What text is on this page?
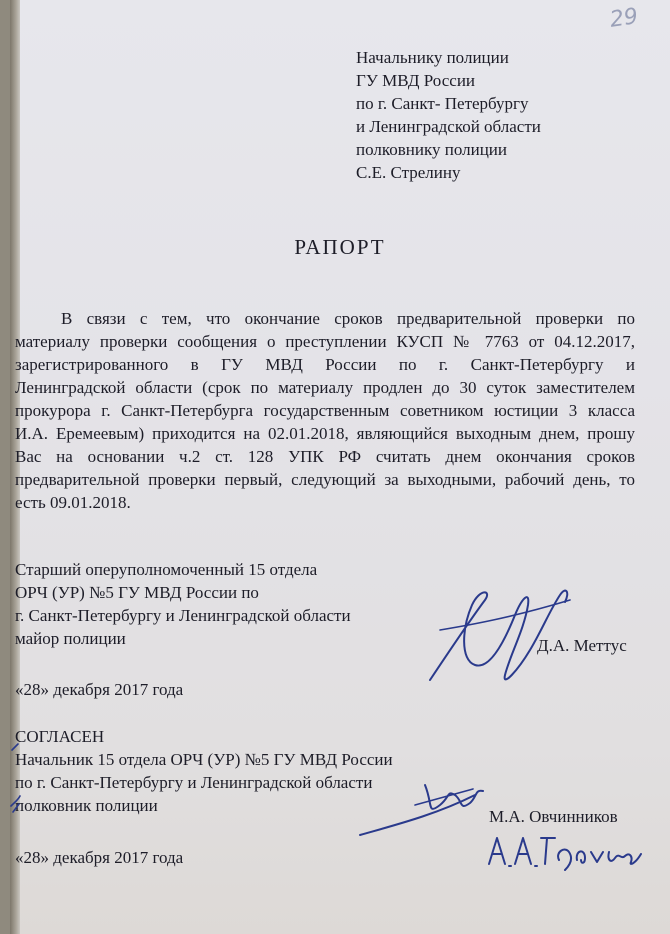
29
Начальнику полиции
ГУ МВД России
по г. Санкт- Петербургу
и Ленинградской области
полковнику полиции
С.Е. Стрелину
РАПОРТ
В связи с тем, что окончание сроков предварительной проверки по
материалу проверки сообщения о преступлении КУСП № 7763 от 04.12.2017,
зарегистрированного в ГУ МВД России по г. Санкт-Петербургу и
Ленинградской области (срок по материалу продлен до 30 суток заместителем
прокурора г. Санкт-Петербурга государственным советником юстиции 3 класса
И.А. Еремеевым) приходится на 02.01.2018, являющийся выходным днем, прошу
Вас на основании ч.2 ст. 128 УПК РФ считать днем окончания сроков
предварительной проверки первый, следующий за выходными, рабочий день, то
есть 09.01.2018.
Старший оперуполномоченный 15 отдела
ОРЧ (УР) №5 ГУ МВД России по
г. Санкт-Петербургу и Ленинградской области
майор полиции	Д.А. Меттус
«28» декабря 2017 года
СОГЛАСЕН
Начальник 15 отдела ОРЧ (УР) №5 ГУ МВД России
по г. Санкт-Петербургу и Ленинградской области
полковник полиции
М.А. Овчинников
«28» декабря 2017 года
